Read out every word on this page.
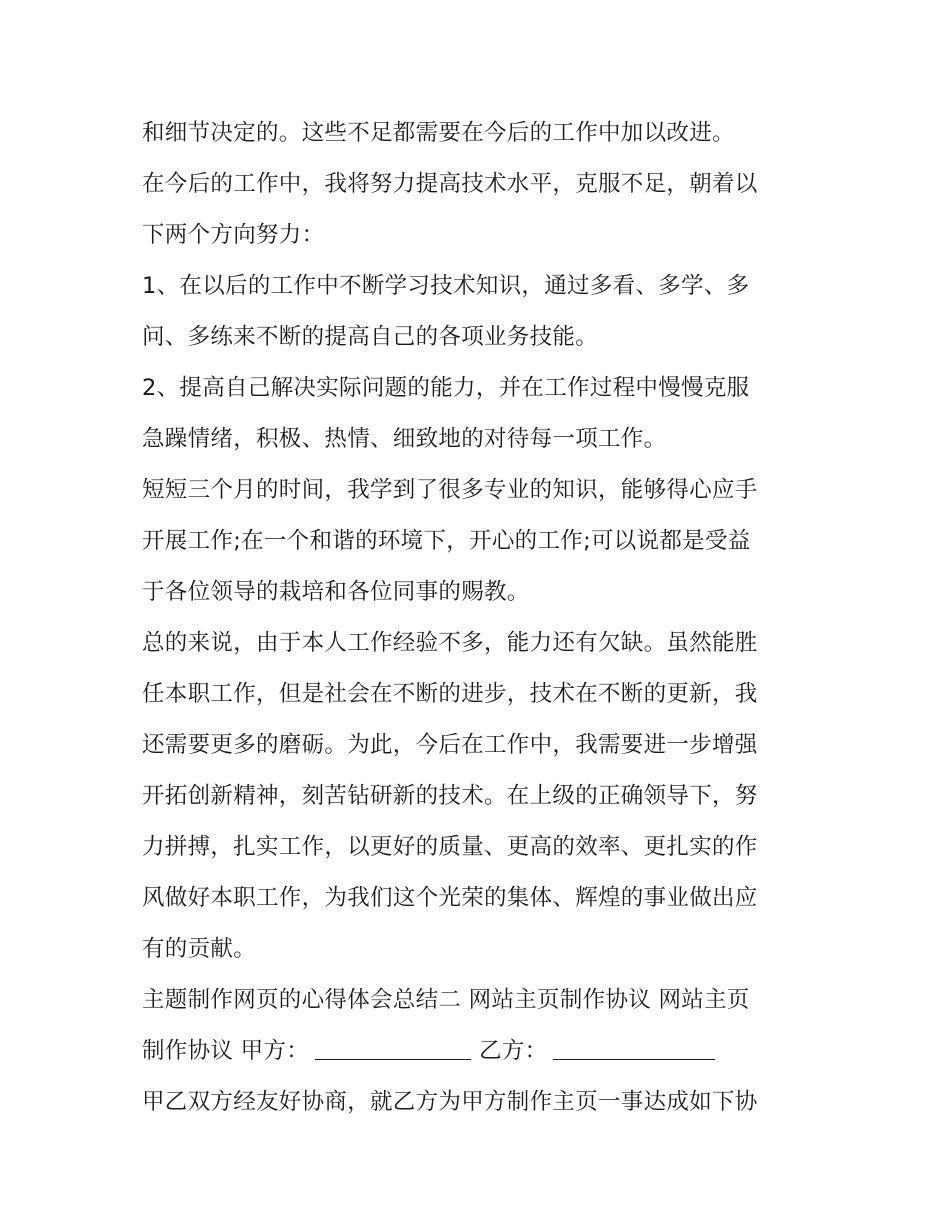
和细节决定的。这些不足都需要在今后的工作中加以改进。
在今后的工作中，我将努力提高技术水平，克服不足，朝着以
下两个方向努力：
1、在以后的工作中不断学习技术知识，通过多看、多学、多
问、多练来不断的提高自己的各项业务技能。
2、提高自己解决实际问题的能力，并在工作过程中慢慢克服
急躁情绪，积极、热情、细致地的对待每一项工作。
短短三个月的时间，我学到了很多专业的知识，能够得心应手
开展工作;在一个和谐的环境下，开心的工作;可以说都是受益
于各位领导的栽培和各位同事的赐教。
总的来说，由于本人工作经验不多，能力还有欠缺。虽然能胜
任本职工作，但是社会在不断的进步，技术在不断的更新，我
还需要更多的磨砺。为此，今后在工作中，我需要进一步增强
开拓创新精神，刻苦钻研新的技术。在上级的正确领导下，努
力拼搏，扎实工作，以更好的质量、更高的效率、更扎实的作
风做好本职工作，为我们这个光荣的集体、辉煌的事业做出应
有的贡献。
主题制作网页的心得体会总结二 网站主页制作协议 网站主页
制作协议 甲方：	乙方：
甲乙双方经友好协商，就乙方为甲方制作主页一事达成如下协
